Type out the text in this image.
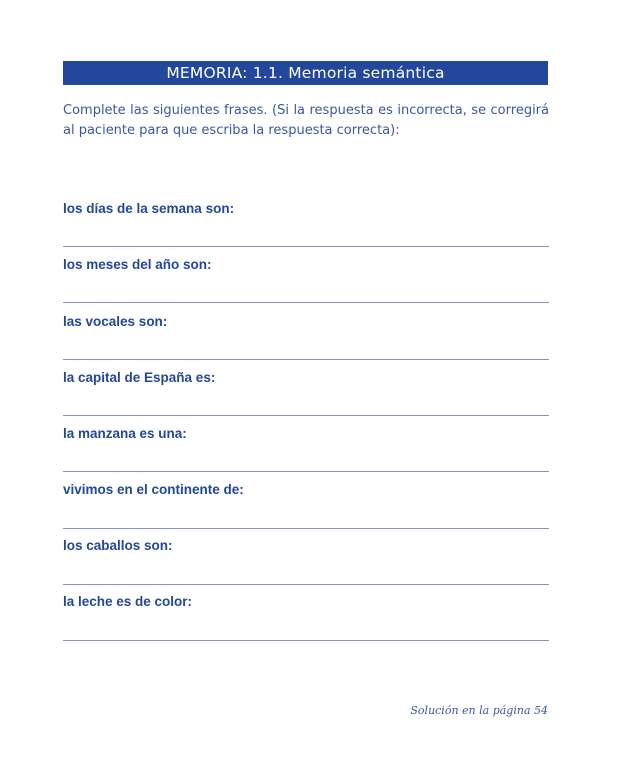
MEMORIA: 1.1. Memoria semántica
Complete las siguientes frases. (Si la respuesta es incorrecta, se corregirá al paciente para que escriba la respuesta correcta):
los días de la semana son:
los meses del año son:
las vocales son:
la capital de España es:
la manzana es una:
vivimos en el continente de:
los caballos son:
la leche es de color:
Solución en la página 54
